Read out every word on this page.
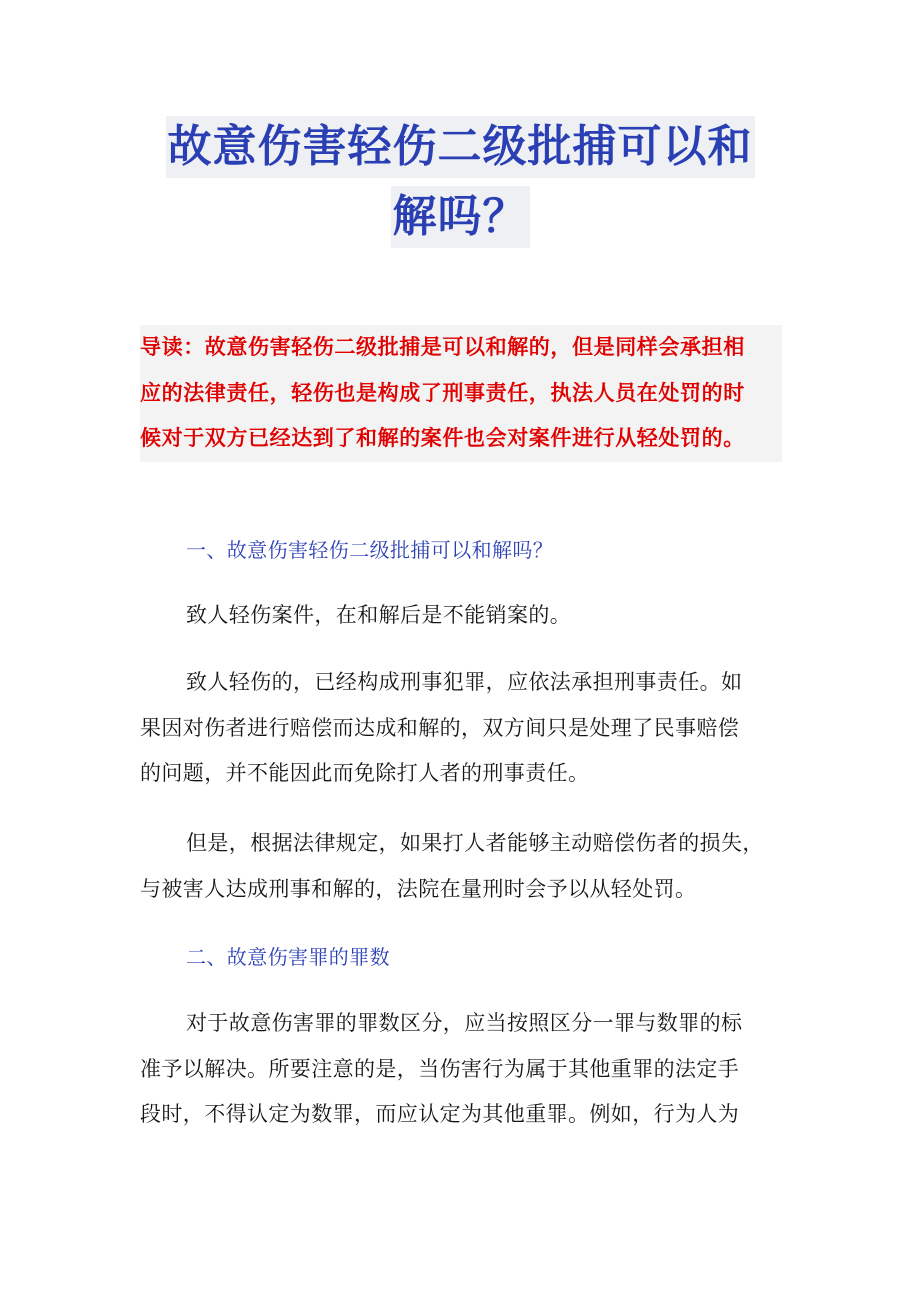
故意伤害轻伤二级批捕可以和
解吗？
导读：故意伤害轻伤二级批捕是可以和解的，但是同样会承担相
应的法律责任，轻伤也是构成了刑事责任，执法人员在处罚的时
候对于双方已经达到了和解的案件也会对案件进行从轻处罚的。
一、故意伤害轻伤二级批捕可以和解吗？
致人轻伤案件，在和解后是不能销案的。
致人轻伤的，已经构成刑事犯罪，应依法承担刑事责任。如
果因对伤者进行赔偿而达成和解的，双方间只是处理了民事赔偿
的问题，并不能因此而免除打人者的刑事责任。
但是，根据法律规定，如果打人者能够主动赔偿伤者的损失，
与被害人达成刑事和解的，法院在量刑时会予以从轻处罚。
二、故意伤害罪的罪数
对于故意伤害罪的罪数区分，应当按照区分一罪与数罪的标
准予以解决。所要注意的是，当伤害行为属于其他重罪的法定手
段时，不得认定为数罪，而应认定为其他重罪。例如，行为人为
